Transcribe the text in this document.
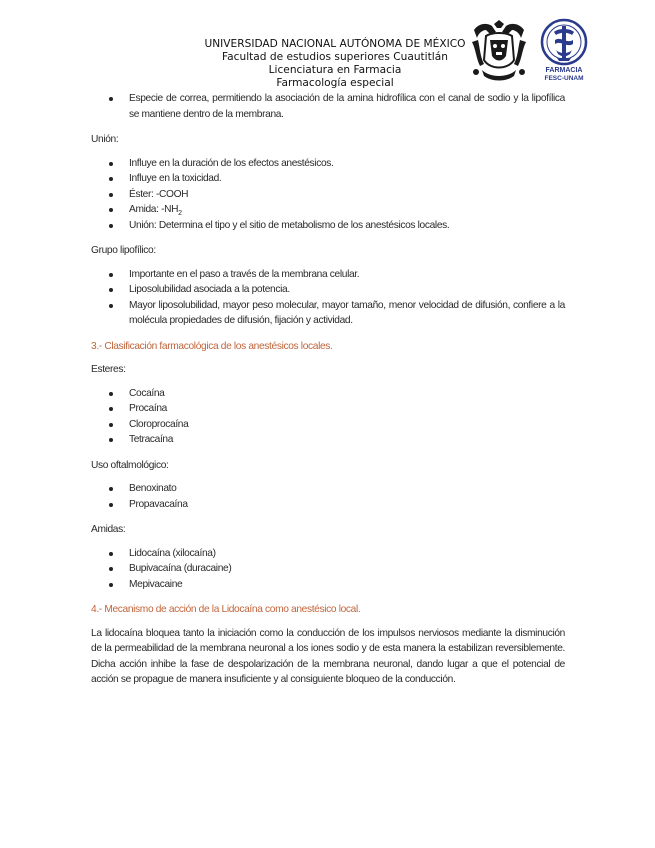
UNIVERSIDAD NACIONAL AUTÓNOMA DE MÉXICO
Facultad de estudios superiores Cuautitlán
Licenciatura en Farmacia
Farmacología especial
FARMACIA
FESC-UNAM
Especie de correa, permitiendo la asociación de la amina hidrofílica con el canal de sodio y la lipofílica se mantiene dentro de la membrana.

Unión:

Influye en la duración de los efectos anestésicos.
Influye en la toxicidad.
Éster: -COOH
Amida: $-NH_2$
Unión: Determina el tipo y el sitio de metabolismo de los anestésicos locales.

Grupo lipofílico:

Importante en el paso a través de la membrana celular.
Liposolubilidad asociada a la potencia.
Mayor liposolubilidad, mayor peso molecular, mayor tamaño, menor velocidad de difusión, confiere a la molécula propiedades de difusión, fijación y actividad.

3.- Clasificación farmacológica de los anestésicos locales.

Esteres:

Cocaína
Procaína
Cloroprocaína
Tetracaína

Uso oftalmológico:

Benoxinato
Propavacaína

Amidas:

Lidocaína (xilocaína)
Bupivacaína (duracaine)
Mepivacaine

4.- Mecanismo de acción de la Lidocaína como anestésico local.

La lidocaína bloquea tanto la iniciación como la conducción de los impulsos nerviosos mediante la disminución de la permeabilidad de la membrana neuronal a los iones sodio y de esta manera la estabilizan reversiblemente. Dicha acción inhibe la fase de despolarización de la membrana neuronal, dando lugar a que el potencial de acción se propague de manera insuficiente y al consiguiente bloqueo de la conducción.
